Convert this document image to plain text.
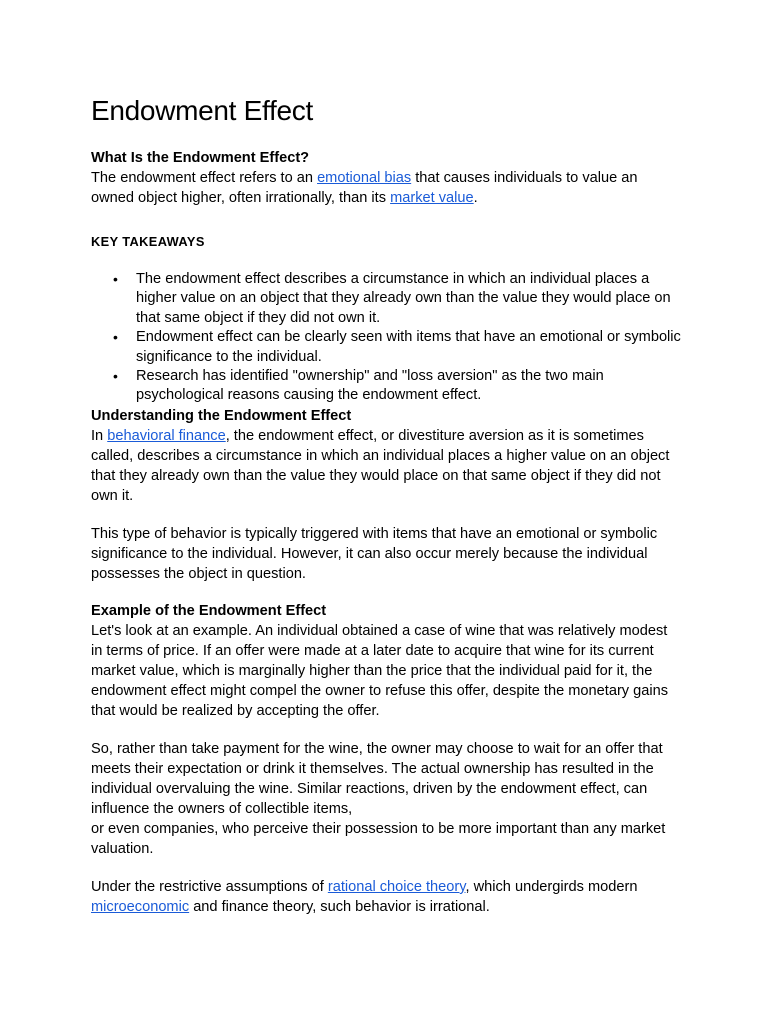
Endowment Effect
What Is the Endowment Effect?

The endowment effect refers to an emotional bias that causes individuals to value an owned object higher, often irrationally, than its market value.

KEY TAKEAWAYS
• The endowment effect describes a circumstance in which an individual places a higher value on an object that they already own than the value they would place on that same object if they did not own it.
• Endowment effect can be clearly seen with items that have an emotional or symbolic significance to the individual.
• Research has identified "ownership" and "loss aversion" as the two main psychological reasons causing the endowment effect.
Understanding the Endowment Effect

In behavioral finance, the endowment effect, or divestiture aversion as it is sometimes called, describes a circumstance in which an individual places a higher value on an object that they already own than the value they would place on that same object if they did not own it.

This type of behavior is typically triggered with items that have an emotional or symbolic significance to the individual. However, it can also occur merely because the individual possesses the object in question.

Example of the Endowment Effect

Let's look at an example. An individual obtained a case of wine that was relatively modest in terms of price. If an offer were made at a later date to acquire that wine for its current market value, which is marginally higher than the price that the individual paid for it, the endowment effect might compel the owner to refuse this offer, despite the monetary gains that would be realized by accepting the offer.

So, rather than take payment for the wine, the owner may choose to wait for an offer that meets their expectation or drink it themselves. The actual ownership has resulted in the individual overvaluing the wine. Similar reactions, driven by the endowment effect, can influence the owners of collectible items,
or even companies, who perceive their possession to be more important than any market valuation.

Under the restrictive assumptions of rational choice theory, which undergirds modern microeconomic and finance theory, such behavior is irrational.
